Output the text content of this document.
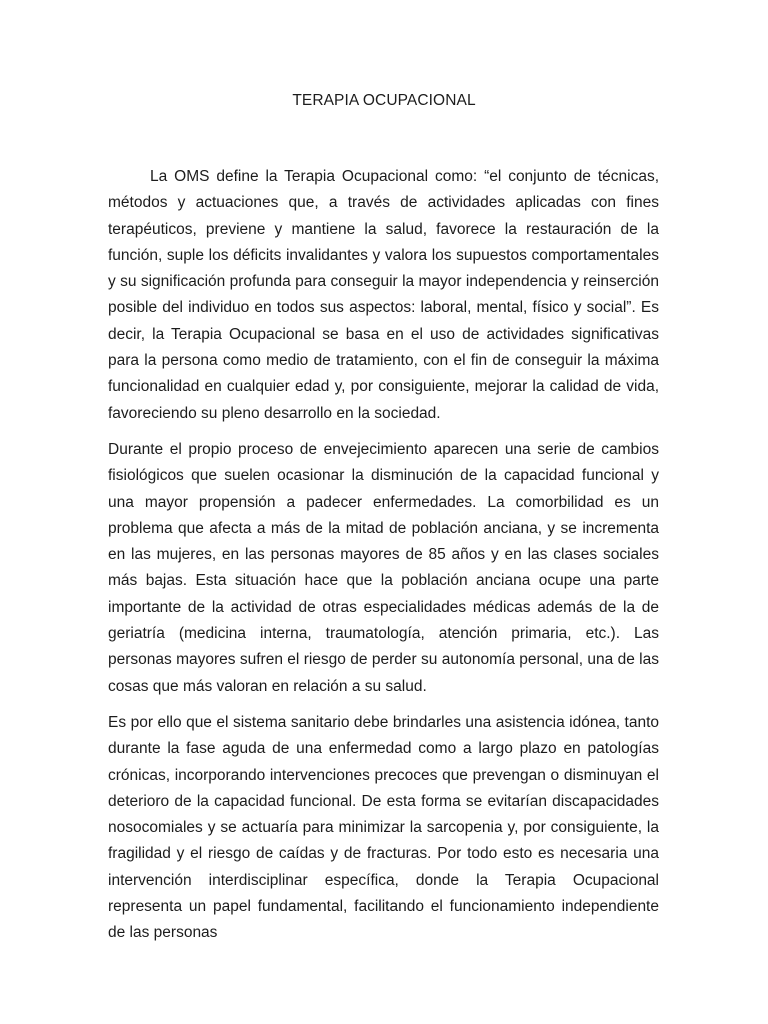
TERAPIA OCUPACIONAL

La OMS define la Terapia Ocupacional como: “el conjunto de técnicas, métodos y actuaciones que, a través de actividades aplicadas con fines terapéuticos, previene y mantiene la salud, favorece la restauración de la función, suple los déficits invalidantes y valora los supuestos comportamentales y su significación profunda para conseguir la mayor independencia y reinserción posible del individuo en todos sus aspectos: laboral, mental, físico y social”. Es decir, la Terapia Ocupacional se basa en el uso de actividades significativas para la persona como medio de tratamiento, con el fin de conseguir la máxima funcionalidad en cualquier edad y, por consiguiente, mejorar la calidad de vida, favoreciendo su pleno desarrollo en la sociedad.

Durante el propio proceso de envejecimiento aparecen una serie de cambios fisiológicos que suelen ocasionar la disminución de la capacidad funcional y una mayor propensión a padecer enfermedades. La comorbilidad es un problema que afecta a más de la mitad de población anciana, y se incrementa en las mujeres, en las personas mayores de 85 años y en las clases sociales más bajas. Esta situación hace que la población anciana ocupe una parte importante de la actividad de otras especialidades médicas además de la de geriatría (medicina interna, traumatología, atención primaria, etc.). Las personas mayores sufren el riesgo de perder su autonomía personal, una de las cosas que más valoran en relación a su salud.

Es por ello que el sistema sanitario debe brindarles una asistencia idónea, tanto durante la fase aguda de una enfermedad como a largo plazo en patologías crónicas, incorporando intervenciones precoces que prevengan o disminuyan el deterioro de la capacidad funcional. De esta forma se evitarían discapacidades nosocomiales y se actuaría para minimizar la sarcopenia y, por consiguiente, la fragilidad y el riesgo de caídas y de fracturas. Por todo esto es necesaria una intervención interdisciplinar específica, donde la Terapia Ocupacional representa un papel fundamental, facilitando el funcionamiento independiente de las personas
